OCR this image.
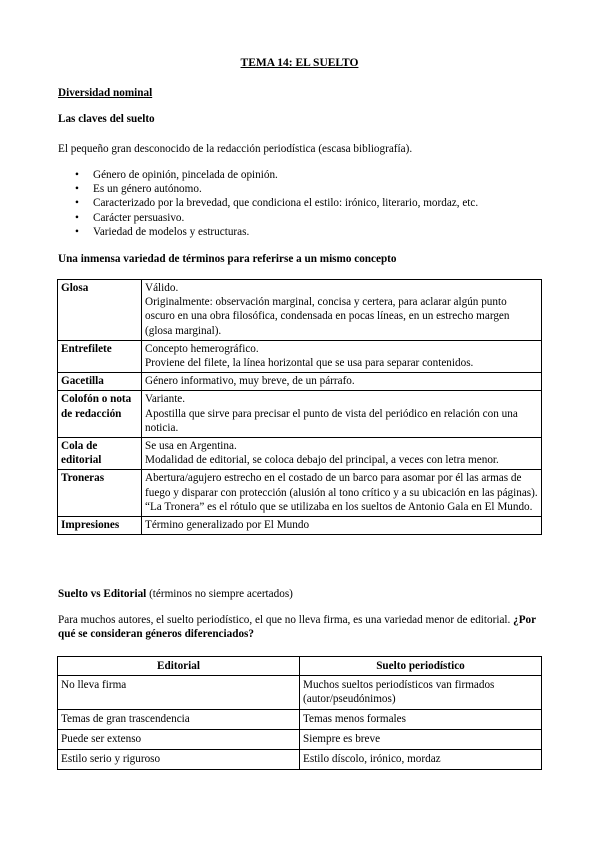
TEMA 14: EL SUELTO
Diversidad nominal
Las claves del suelto
El pequeño gran desconocido de la redacción periodística (escasa bibliografía).
• Género de opinión, pincelada de opinión.
• Es un género autónomo.
• Caracterizado por la brevedad, que condiciona el estilo: irónico, literario, mordaz, etc.
• Carácter persuasivo.
• Variedad de modelos y estructuras.
Una inmensa variedad de términos para referirse a un mismo concepto
Glosa	Válido.
Originalmente: observación marginal, concisa y certera, para aclarar algún punto oscuro en una obra filosófica, condensada en pocas líneas, en un estrecho margen (glosa marginal).

Entrefilete	Concepto hemerográfico.
Proviene del filete, la línea horizontal que se usa para separar contenidos.

Gacetilla	Género informativo, muy breve, de un párrafo.

Colofón o nota de redacción	Variante.
Apostilla que sirve para precisar el punto de vista del periódico en relación con una noticia.

Cola de editorial	Se usa en Argentina.
Modalidad de editorial, se coloca debajo del principal, a veces con letra menor.

Troneras	Abertura/agujero estrecho en el costado de un barco para asomar por él las armas de fuego y disparar con protección (alusión al tono crítico y a su ubicación en las páginas).
“La Tronera” es el rótulo que se utilizaba en los sueltos de Antonio Gala en El Mundo.

Impresiones	Término generalizado por El Mundo
Suelto vs Editorial (términos no siempre acertados)
Para muchos autores, el suelto periodístico, el que no lleva firma, es una variedad menor de editorial. ¿Por qué se consideran géneros diferenciados?
Editorial	Suelto periodístico
No lleva firma	Muchos sueltos periodísticos van firmados (autor/pseudónimos)
Temas de gran trascendencia	Temas menos formales
Puede ser extenso	Siempre es breve
Estilo serio y riguroso	Estilo díscolo, irónico, mordaz
